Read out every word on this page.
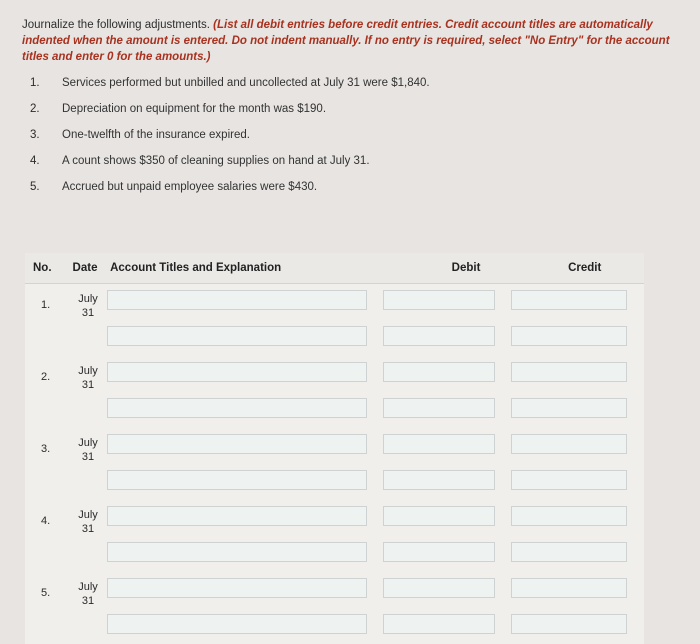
Journalize the following adjustments. (List all debit entries before credit entries. Credit account titles are automatically indented when the amount is entered. Do not indent manually. If no entry is required, select "No Entry" for the account titles and enter 0 for the amounts.)
1.	Services performed but unbilled and uncollected at July 31 were $1,840.
2.	Depreciation on equipment for the month was $190.
3.	One-twelfth of the insurance expired.
4.	A count shows $350 of cleaning supplies on hand at July 31.
5.	Accrued but unpaid employee salaries were $430.
No.	Date	Account Titles and Explanation	Debit	Credit
1.	July
31
2.	July
31
3.	July
31
4.	July
31
5.	July
31
